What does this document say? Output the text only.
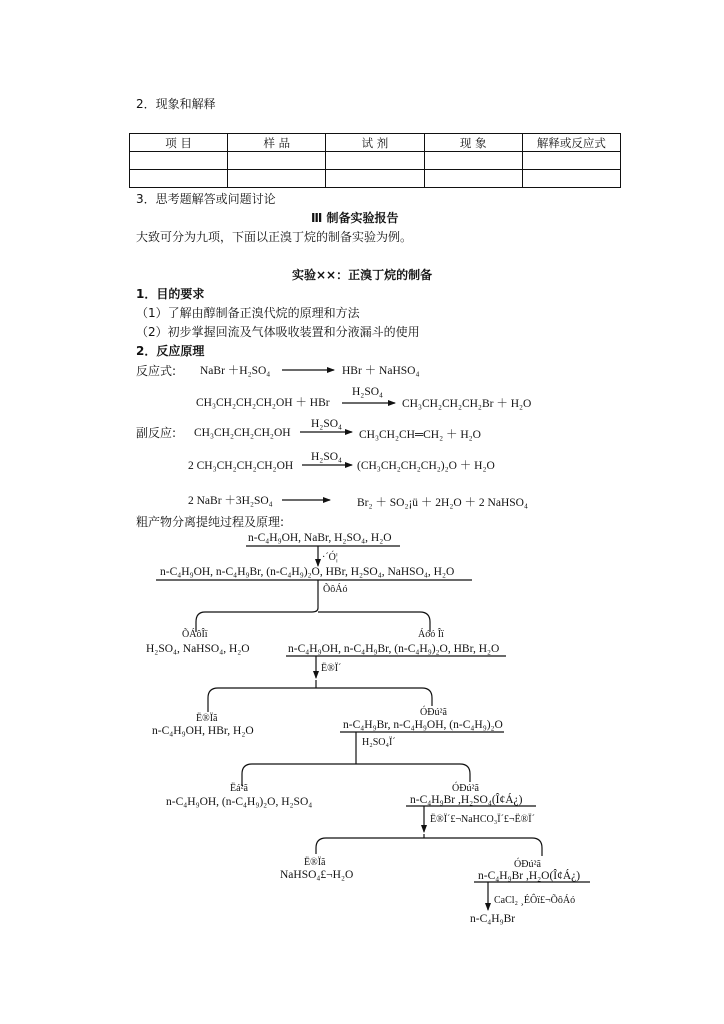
2．现象和解释
项 目	样 品	试 剂	现 象	解释或反应式

3．思考题解答或问题讨论
Ⅲ 制备实验报告
大致可分为九项，下面以正溴丁烷的制备实验为例。
实验××：正溴丁烷的制备
1．目的要求
（1）了解由醇制备正溴代烷的原理和方法
（2）初步掌握回流及气体吸收装置和分液漏斗的使用
2．反应原理
反应式: NaBr ＋H₂SO₄	HBr ＋ NaHSO₄
H₂SO₄
CH₃CH₂CH₂CH₂OH ＋ HBr	CH₃CH₂CH₂CH₂Br ＋ H₂O
副反应:
H₂SO₄
CH₃CH₂CH₂CH₂OH	CH₃CH₂CH═CH₂ ＋ H₂O
H₂SO₄
2 CH₃CH₂CH₂CH₂OH	(CH₃CH₂CH₂CH₂)₂O ＋ H₂O
2 NaBr ＋3H₂SO₄	Br₂ ＋ SO₂¡ü ＋ 2H₂O ＋ 2 NaHSO₄
粗产物分离提纯过程及原理:
n-C₄H₉OH, NaBr, H₂SO₄, H₂O
·´Ó¦
n-C₄H₉OH, n-C₄H₉Br, (n-C₄H₉)₂O, HBr, H₂SO₄, NaHSO₄, H₂O
ÕôÁó
ÕÁôÎï
H₂SO₄, NaHSO₄, H₂O
Áóó Îï
n-C₄H₉OH, n-C₄H₉Br, (n-C₄H₉)₂O, HBr, H₂O
Ë®Ï´
Ë®Ïã
n-C₄H₉OH, HBr, H₂O
ÓÐú²ã
n-C₄H₉Br, n-C₄H₉OH, (n-C₄H₉)₂O
H₂SO₄Ï´
Ëá²ã
n-C₄H₉OH, (n-C₄H₉)₂O, H₂SO₄
ÓÐú²ã
n-C₄H₉Br ,H₂SO₄(Î¢Á¿)
Ë®Ï´£¬NaHCO₃Ï´£¬Ë®Ï´
Ë®Ïã
NaHSO₄£¬H₂O
ÓÐú²ã
n-C₄H₉Br ,H₂O(Î¢Á¿)
CaCl₂ ¸ÉÔï£¬ÕôÁó
n-C₄H₉Br
